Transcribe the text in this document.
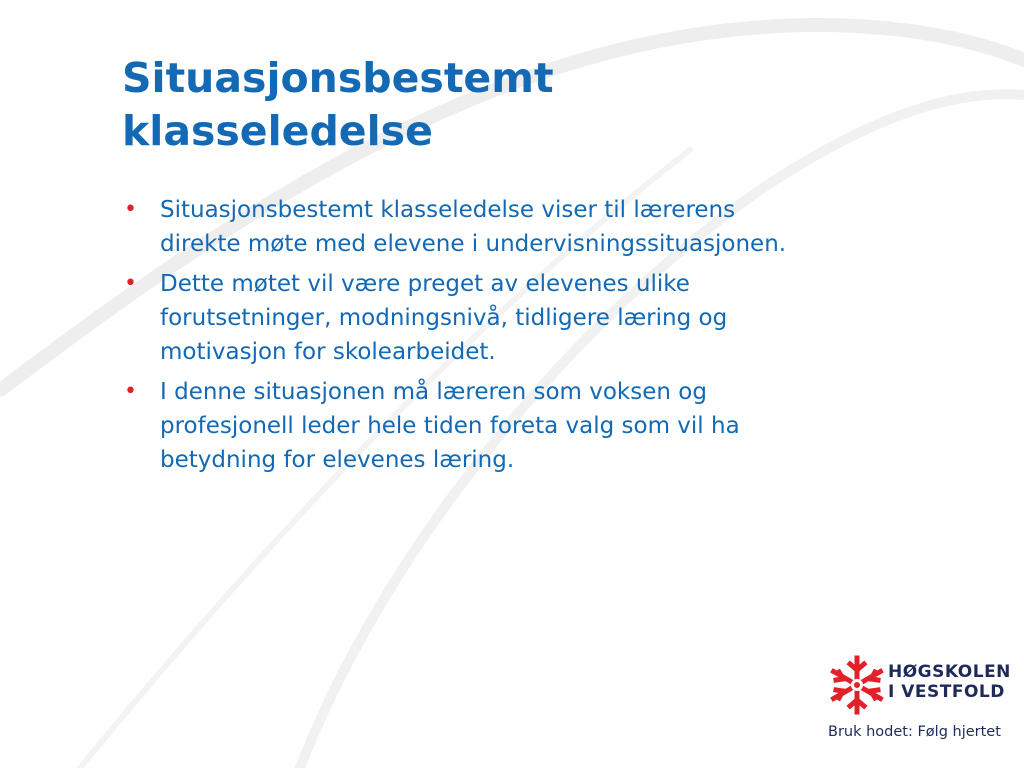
Situasjonsbestemt
klasseledelse
• Situasjonsbestemt klasseledelse viser til lærerens
direkte møte med elevene i undervisningssituasjonen.
• Dette møtet vil være preget av elevenes ulike
forutsetninger, modningsnivå, tidligere læring og
motivasjon for skolearbeidet.
• I denne situasjonen må læreren som voksen og
profesjonell leder hele tiden foreta valg som vil ha
betydning for elevenes læring.
HØGSKOLEN
I VESTFOLD
Bruk hodet: Følg hjertet
